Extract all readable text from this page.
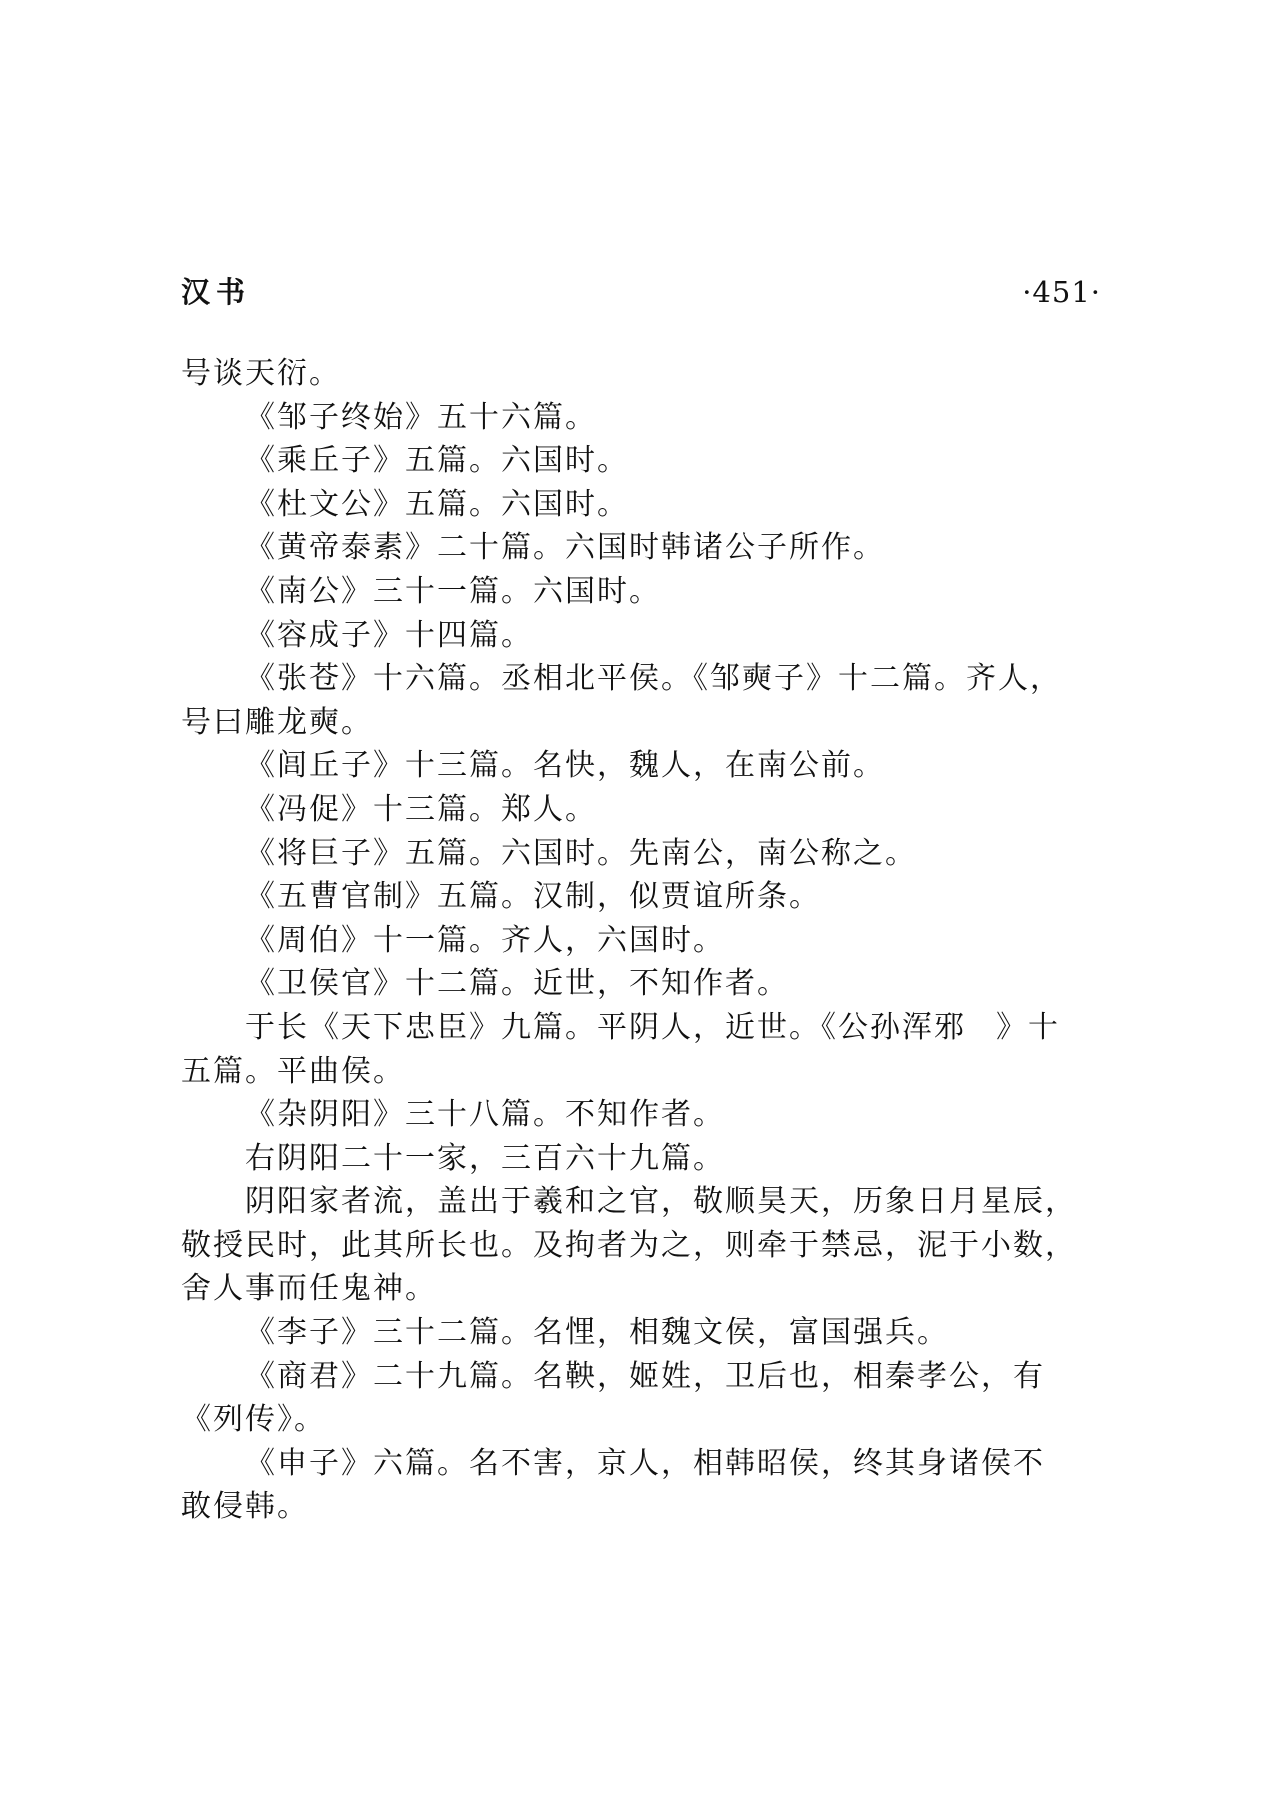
汉书	·451·
号谈天衍。
《邹子终始》五十六篇。
《乘丘子》五篇。六国时。
《杜文公》五篇。六国时。
《黄帝泰素》二十篇。六国时韩诸公子所作。
《南公》三十一篇。六国时。
《容成子》十四篇。
《张苍》十六篇。丞相北平侯。《邹奭子》十二篇。齐人，
号曰雕龙奭。
《闾丘子》十三篇。名快，魏人，在南公前。
《冯促》十三篇。郑人。
《将巨子》五篇。六国时。先南公，南公称之。
《五曹官制》五篇。汉制，似贾谊所条。
《周伯》十一篇。齐人，六国时。
《卫侯官》十二篇。近世，不知作者。
于长《天下忠臣》九篇。平阴人，近世。《公孙浑邪 》十
五篇。平曲侯。
《杂阴阳》三十八篇。不知作者。
右阴阳二十一家，三百六十九篇。
阴阳家者流，盖出于羲和之官，敬顺昊天，历象日月星辰，
敬授民时，此其所长也。及拘者为之，则牵于禁忌，泥于小数，
舍人事而任鬼神。
《李子》三十二篇。名悝，相魏文侯，富国强兵。
《商君》二十九篇。名鞅，姬姓，卫后也，相秦孝公，有
《列传》。
《申子》六篇。名不害，京人，相韩昭侯，终其身诸侯不
敢侵韩。
